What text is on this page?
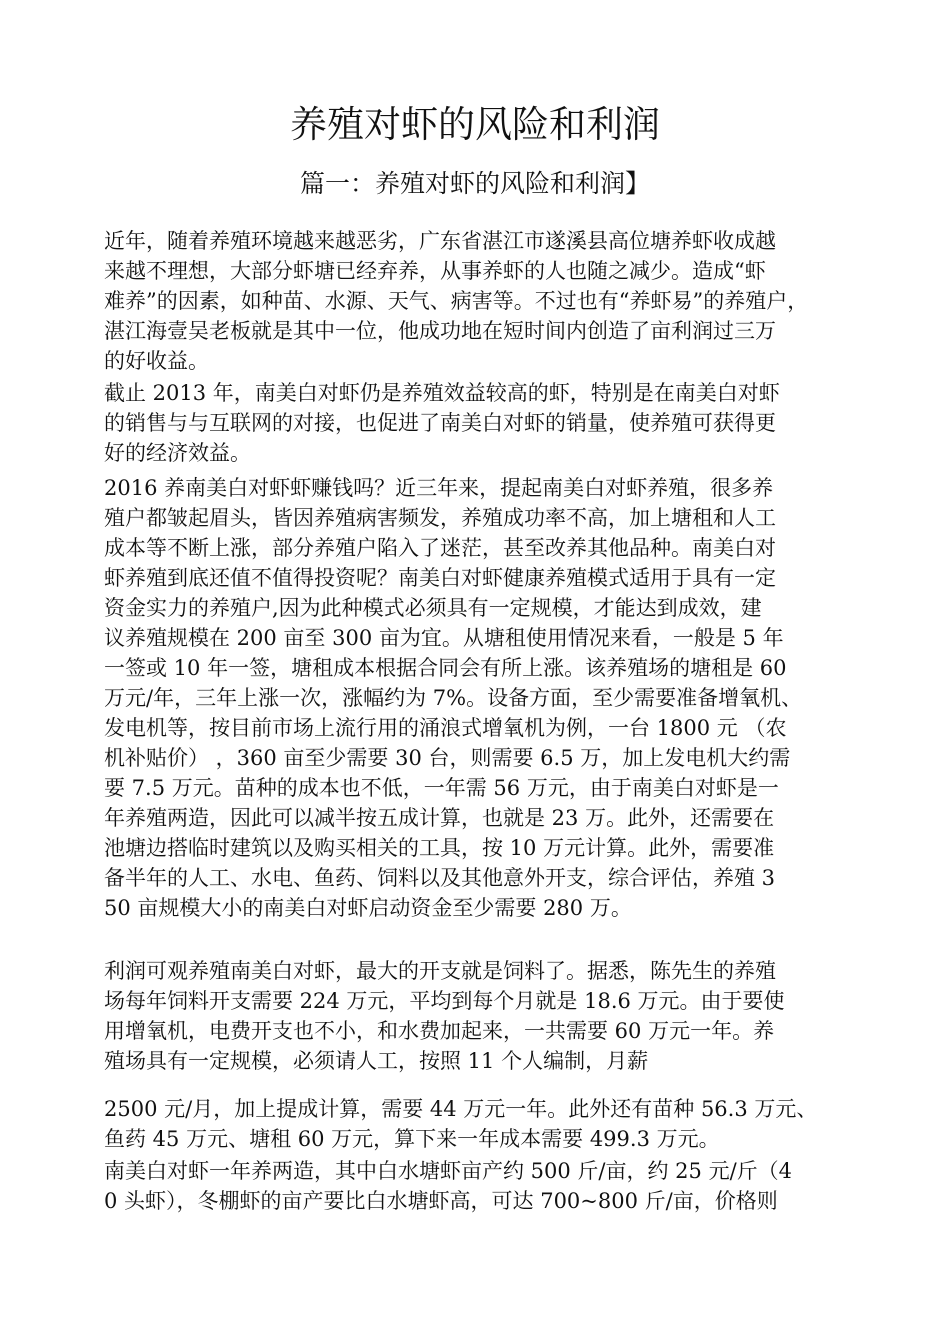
养殖对虾的风险和利润
篇一：养殖对虾的风险和利润】
近年，随着养殖环境越来越恶劣，广东省湛江市遂溪县高位塘养虾收成越
来越不理想，大部分虾塘已经弃养，从事养虾的人也随之减少。造成“虾
难养”的因素，如种苗、水源、天气、病害等。不过也有“养虾易”的养殖户，
湛江海壹吴老板就是其中一位，他成功地在短时间内创造了亩利润过三万
的好收益。
截止 2013 年，南美白对虾仍是养殖效益较高的虾，特别是在南美白对虾
的销售与与互联网的对接，也促进了南美白对虾的销量，使养殖可获得更
好的经济效益。
2016 养南美白对虾虾赚钱吗？近三年来，提起南美白对虾养殖，很多养
殖户都皱起眉头，皆因养殖病害频发，养殖成功率不高，加上塘租和人工
成本等不断上涨，部分养殖户陷入了迷茫，甚至改养其他品种。南美白对
虾养殖到底还值不值得投资呢？南美白对虾健康养殖模式适用于具有一定
资金实力的养殖户,因为此种模式必须具有一定规模，才能达到成效，建
议养殖规模在 200 亩至 300 亩为宜。从塘租使用情况来看，一般是 5 年
一签或 10 年一签，塘租成本根据合同会有所上涨。该养殖场的塘租是 60
万元/年，三年上涨一次，涨幅约为 7%。设备方面，至少需要准备增氧机、
发电机等，按目前市场上流行用的涌浪式增氧机为例，一台 1800 元 （农
机补贴价） ，360 亩至少需要 30 台，则需要 6.5 万，加上发电机大约需
要 7.5 万元。苗种的成本也不低，一年需 56 万元，由于南美白对虾是一
年养殖两造，因此可以减半按五成计算，也就是 23 万。此外，还需要在
池塘边搭临时建筑以及购买相关的工具，按 10 万元计算。此外，需要准
备半年的人工、水电、鱼药、饲料以及其他意外开支，综合评估，养殖 3
50 亩规模大小的南美白对虾启动资金至少需要 280 万。
利润可观养殖南美白对虾，最大的开支就是饲料了。据悉，陈先生的养殖
场每年饲料开支需要 224 万元，平均到每个月就是 18.6 万元。由于要使
用增氧机，电费开支也不小，和水费加起来，一共需要 60 万元一年。养
殖场具有一定规模，必须请人工，按照 11 个人编制，月薪
2500 元/月，加上提成计算，需要 44 万元一年。此外还有苗种 56.3 万元、
鱼药 45 万元、塘租 60 万元，算下来一年成本需要 499.3 万元。
南美白对虾一年养两造，其中白水塘虾亩产约 500 斤/亩，约 25 元/斤（4
0 头虾），冬棚虾的亩产要比白水塘虾高，可达 700~800 斤/亩，价格则
